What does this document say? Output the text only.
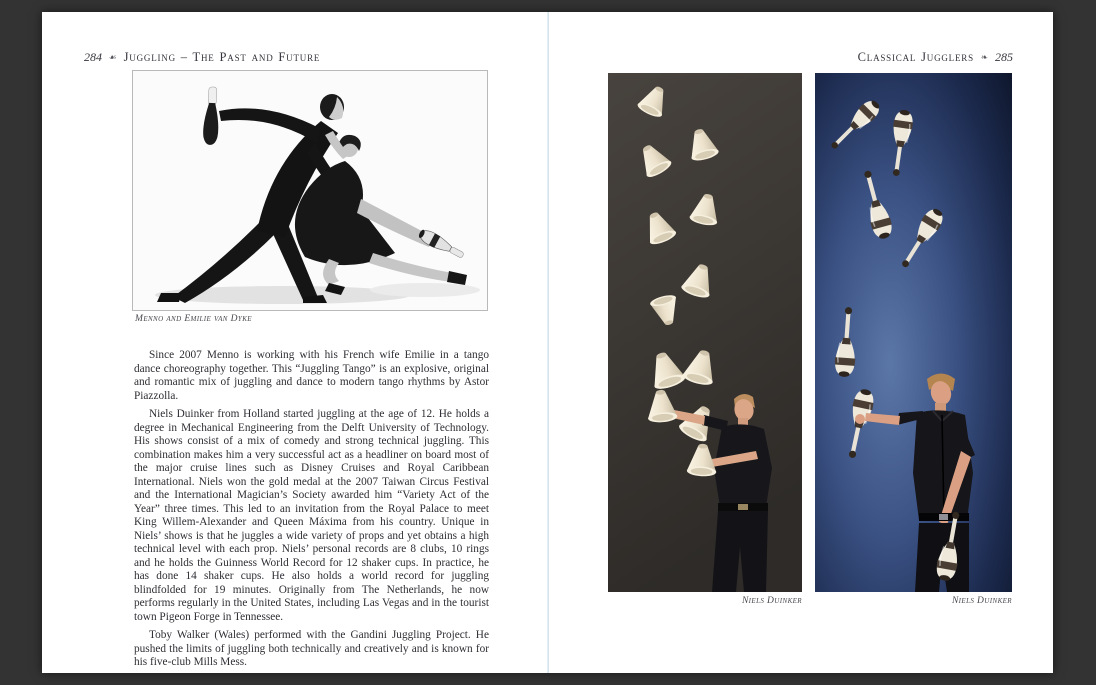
284 ☙ Juggling – The Past and Future	Classical Jugglers ❧ 285
Menno and Emilie van Dyke

Since 2007 Menno is working with his French wife Emilie in a tango dance choreography together. This “Juggling Tango” is an explosive, original and romantic mix of juggling and dance to modern tango rhythms by Astor Piazzolla.

Niels Duinker from Holland started juggling at the age of 12. He holds a degree in Mechanical Engineering from the Delft University of Technology. His shows consist of a mix of comedy and strong technical juggling. This combination makes him a very successful act as a headliner on board most of the major cruise lines such as Disney Cruises and Royal Caribbean International. Niels won the gold medal at the 2007 Taiwan Circus Festival and the International Magician’s Society awarded him “Variety Act of the Year” three times. This led to an invitation from the Royal Palace to meet King Willem-Alexander and Queen Máxima from his country. Unique in Niels’ shows is that he juggles a wide variety of props and yet obtains a high technical level with each prop. Niels’ personal records are 8 clubs, 10 rings and he holds the Guinness World Record for 12 shaker cups. In practice, he has done 14 shaker cups. He also holds a world record for juggling blindfolded for 19 minutes. Originally from The Netherlands, he now performs regularly in the United States, including Las Vegas and in the tourist town Pigeon Forge in Tennessee.

Toby Walker (Wales) performed with the Gandini Juggling Project. He pushed the limits of juggling both technically and creatively and is known for his five-club Mills Mess.

Niels Duinker	Niels Duinker
